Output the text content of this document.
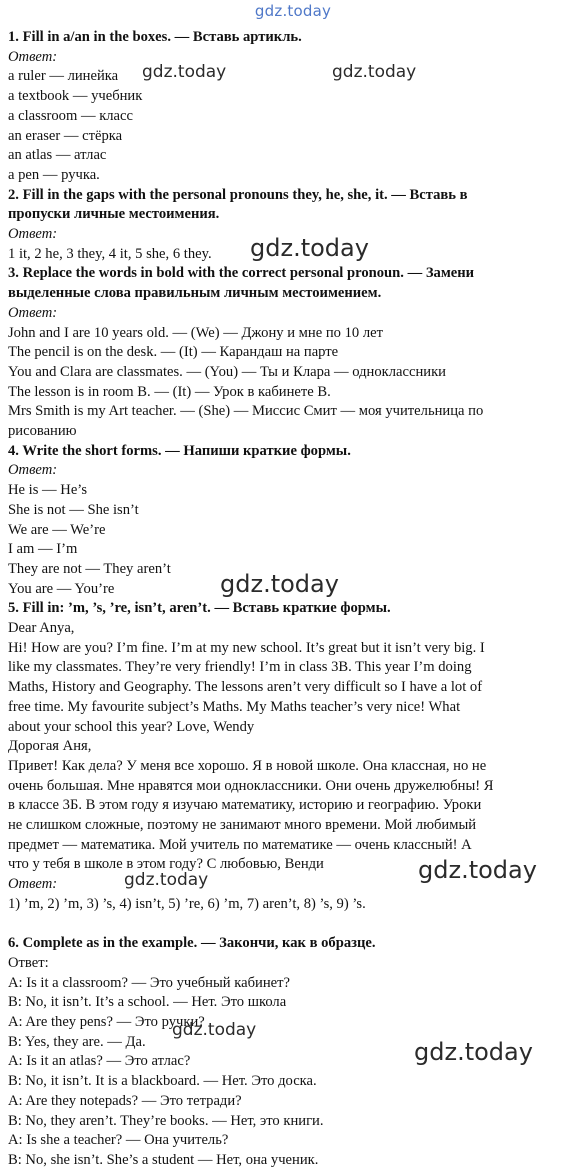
gdz.today
1. Fill in a/an in the boxes. — Вставь артикль.
Ответ:
a ruler — линейка
a textbook — учебник
a classroom — класс
an eraser — стёрка
an atlas — атлас
a pen — ручка.
2. Fill in the gaps with the personal pronouns they, he, she, it. — Вставь в
пропуски личные местоимения.
Ответ:
1 it, 2 he, 3 they, 4 it, 5 she, 6 they.
3. Replace the words in bold with the correct personal pronoun. — Замени
выделенные слова правильным личным местоимением.
Ответ:
John and I are 10 years old. — (We) — Джону и мне по 10 лет
The pencil is on the desk. — (It) — Карандаш на парте
You and Clara are classmates. — (You) — Ты и Клара — одноклассники
The lesson is in room B. — (It) — Урок в кабинете В.
Mrs Smith is my Art teacher. — (She) — Миссис Смит — моя учительница по
рисованию
4. Write the short forms. — Напиши краткие формы.
Ответ:
He is — He’s
She is not — She isn’t
We are — We’re
I am — I’m
They are not — They aren’t
You are — You’re
5. Fill in: ’m, ’s, ’re, isn’t, aren’t. — Вставь краткие формы.
Dear Anya,
Hi! How are you? I’m fine. I’m at my new school. It’s great but it isn’t very big. I
like my classmates. They’re very friendly! I’m in class 3B. This year I’m doing
Maths, History and Geography. The lessons aren’t very difficult so I have a lot of
free time. My favourite subject’s Maths. My Maths teacher’s very nice! What
about your school this year? Love, Wendy
Дорогая Аня,
Привет! Как дела? У меня все хорошо. Я в новой школе. Она классная, но не
очень большая. Мне нравятся мои одноклассники. Они очень дружелюбны! Я
в классе 3Б. В этом году я изучаю математику, историю и географию. Уроки
не слишком сложные, поэтому не занимают много времени. Мой любимый
предмет — математика. Мой учитель по математике — очень классный! А
что у тебя в школе в этом году? С любовью, Венди
Ответ:
1) ’m, 2) ’m, 3) ’s, 4) isn’t, 5) ’re, 6) ’m, 7) aren’t, 8) ’s, 9) ’s.
6. Complete as in the example. — Закончи, как в образце.
Ответ:
A: Is it a classroom? — Это учебный кабинет?
B: No, it isn’t. It’s a school. — Нет. Это школа
A: Are they pens? — Это ручки?
B: Yes, they are. — Да.
A: Is it an atlas? — Это атлас?
B: No, it isn’t. It is a blackboard. — Нет. Это доска.
A: Are they notepads? — Это тетради?
B: No, they aren’t. They’re books. — Нет, это книги.
A: Is she a teacher? — Она учитель?
B: No, she isn’t. She’s a student — Нет, она ученик.
gdz.today	gdz.today
gdz.today
gdz.today
gdz.today
gdz.today
gdz.today
gdz.today
